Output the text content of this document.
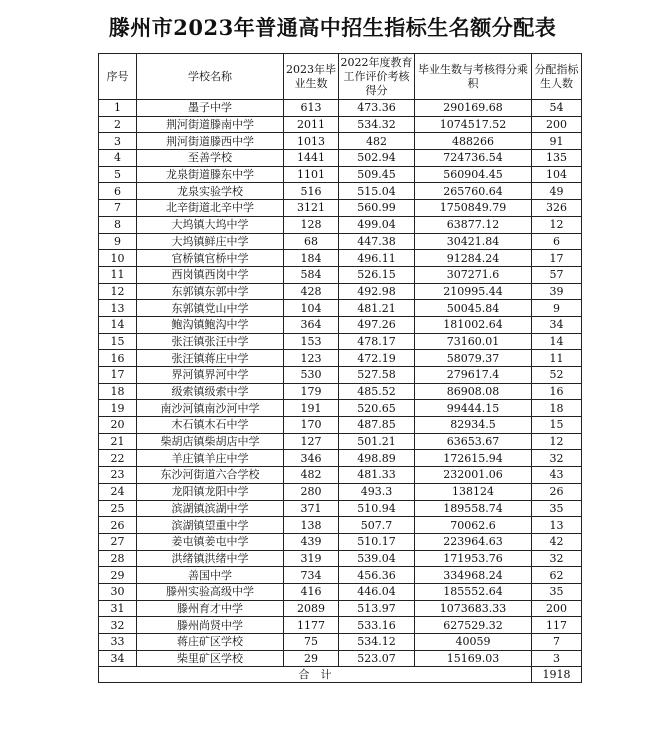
滕州市2023年普通高中招生指标生名额分配表
序号	学校名称	2023年毕业生数	2022年度教育工作评价考核得分	毕业生数与考核得分乘积	分配指标生人数
1	墨子中学	613	473.36	290169.68	54
2	荆河街道滕南中学	2011	534.32	1074517.52	200
3	荆河街道滕西中学	1013	482	488266	91
4	至善学校	1441	502.94	724736.54	135
5	龙泉街道滕东中学	1101	509.45	560904.45	104
6	龙泉实验学校	516	515.04	265760.64	49
7	北辛街道北辛中学	3121	560.99	1750849.79	326
8	大坞镇大坞中学	128	499.04	63877.12	12
9	大坞镇鲜庄中学	68	447.38	30421.84	6
10	官桥镇官桥中学	184	496.11	91284.24	17
11	西岗镇西岗中学	584	526.15	307271.6	57
12	东郭镇东郭中学	428	492.98	210995.44	39
13	东郭镇党山中学	104	481.21	50045.84	9
14	鲍沟镇鲍沟中学	364	497.26	181002.64	34
15	张汪镇张汪中学	153	478.17	73160.01	14
16	张汪镇蒋庄中学	123	472.19	58079.37	11
17	界河镇界河中学	530	527.58	279617.4	52
18	级索镇级索中学	179	485.52	86908.08	16
19	南沙河镇南沙河中学	191	520.65	99444.15	18
20	木石镇木石中学	170	487.85	82934.5	15
21	柴胡店镇柴胡店中学	127	501.21	63653.67	12
22	羊庄镇羊庄中学	346	498.89	172615.94	32
23	东沙河街道六合学校	482	481.33	232001.06	43
24	龙阳镇龙阳中学	280	493.3	138124	26
25	滨湖镇滨湖中学	371	510.94	189558.74	35
26	滨湖镇望重中学	138	507.7	70062.6	13
27	姜屯镇姜屯中学	439	510.17	223964.63	42
28	洪绪镇洪绪中学	319	539.04	171953.76	32
29	善国中学	734	456.36	334968.24	62
30	滕州实验高级中学	416	446.04	185552.64	35
31	滕州育才中学	2089	513.97	1073683.33	200
32	滕州尚贤中学	1177	533.16	627529.32	117
33	蒋庄矿区学校	75	534.12	40059	7
34	柴里矿区学校	29	523.07	15169.03	3
合　计					1918
